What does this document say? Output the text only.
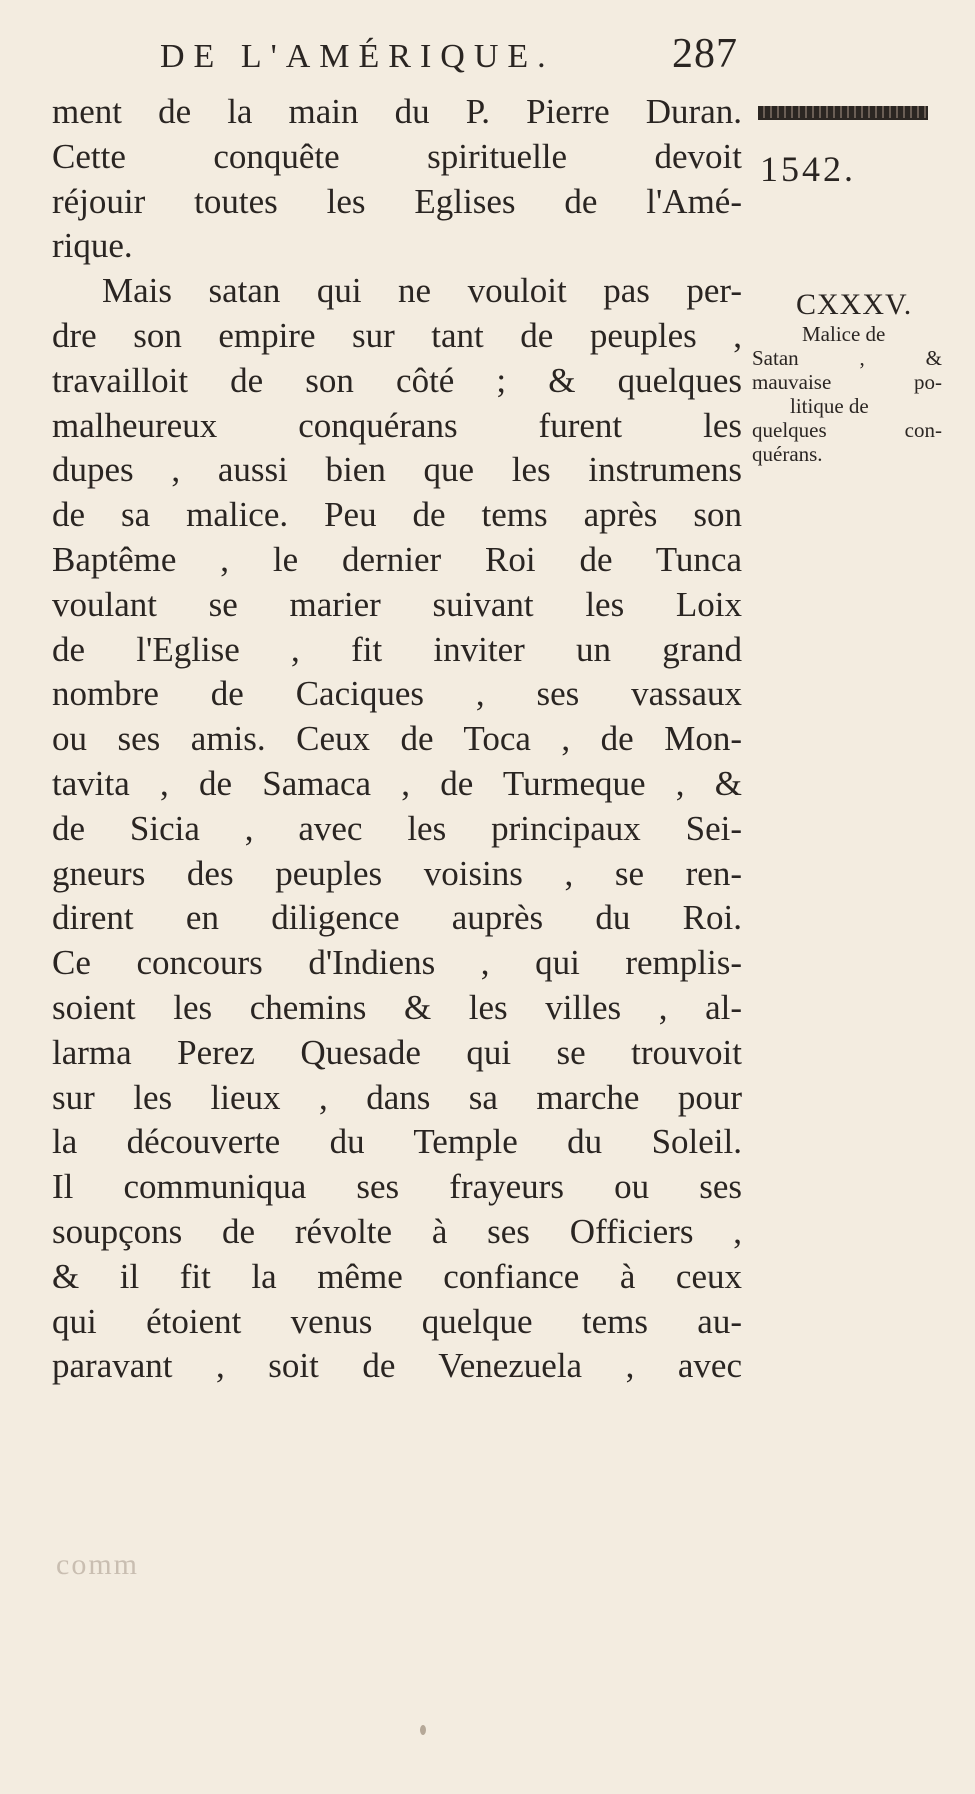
DE L'AMÉRIQUE.	287
1542.
CXXXV.
Malice de
Satan , &
mauvaise po-
litique de
quelques con-
quérans.
ment de la main du P. Pierre Duran.
Cette conquête spirituelle devoit
réjouir toutes les Eglises de l'Amé-
rique.
Mais satan qui ne vouloit pas per-
dre son empire sur tant de peuples ,
travailloit de son côté ; & quelques
malheureux conquérans furent les
dupes , aussi bien que les instrumens
de sa malice. Peu de tems après son
Baptême , le dernier Roi de Tunca
voulant se marier suivant les Loix
de l'Eglise , fit inviter un grand
nombre de Caciques , ses vassaux
ou ses amis. Ceux de Toca , de Mon-
tavita , de Samaca , de Turmeque , &
de Sicia , avec les principaux Sei-
gneurs des peuples voisins , se ren-
dirent en diligence auprès du Roi.
Ce concours d'Indiens , qui remplis-
soient les chemins & les villes , al-
larma Perez Quesade qui se trouvoit
sur les lieux , dans sa marche pour
la découverte du Temple du Soleil.
Il communiqua ses frayeurs ou ses
soupçons de révolte à ses Officiers ,
& il fit la même confiance à ceux
qui étoient venus quelque tems au-
paravant , soit de Venezuela , avec
comm
